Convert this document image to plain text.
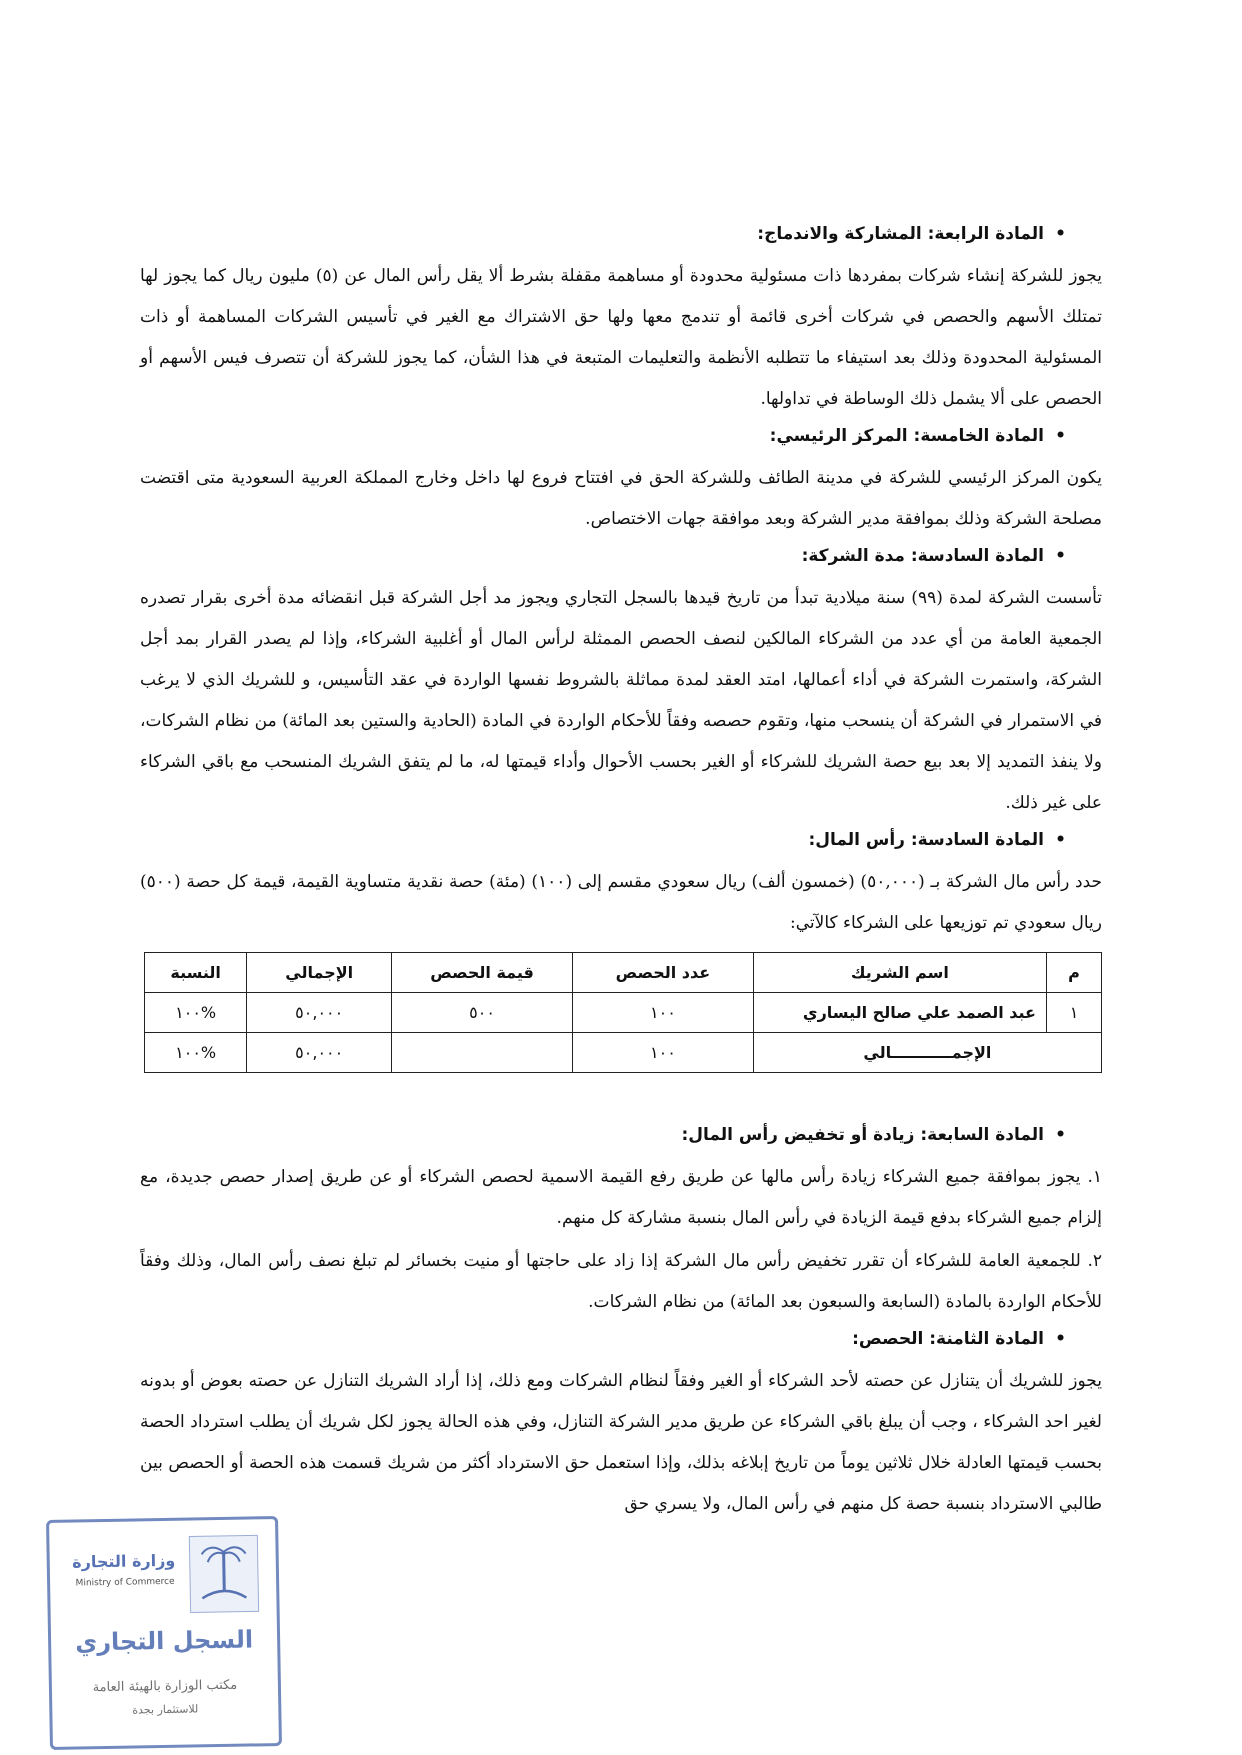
• المادة الرابعة: المشاركة والاندماج:

يجوز للشركة إنشاء شركات بمفردها ذات مسئولية محدودة أو مساهمة مقفلة بشرط ألا يقل رأس المال عن (٥) مليون ريال كما يجوز لها تمتلك الأسهم والحصص في شركات أخرى قائمة أو تندمج معها ولها حق الاشتراك مع الغير في تأسيس الشركات المساهمة أو ذات المسئولية المحدودة وذلك بعد استيفاء ما تتطلبه الأنظمة والتعليمات المتبعة في هذا الشأن، كما يجوز للشركة أن تتصرف فيس الأسهم أو الحصص على ألا يشمل ذلك الوساطة في تداولها.

• المادة الخامسة: المركز الرئيسي:

يكون المركز الرئيسي للشركة في مدينة الطائف وللشركة الحق في افتتاح فروع لها داخل وخارج المملكة العربية السعودية متى اقتضت مصلحة الشركة وذلك بموافقة مدير الشركة وبعد موافقة جهات الاختصاص.

• المادة السادسة: مدة الشركة:

تأسست الشركة لمدة (٩٩) سنة ميلادية تبدأ من تاريخ قيدها بالسجل التجاري ويجوز مد أجل الشركة قبل انقضائه مدة أخرى بقرار تصدره الجمعية العامة من أي عدد من الشركاء المالكين لنصف الحصص الممثلة لرأس المال أو أغلبية الشركاء، وإذا لم يصدر القرار بمد أجل الشركة، واستمرت الشركة في أداء أعمالها، امتد العقد لمدة مماثلة بالشروط نفسها الواردة في عقد التأسيس، و للشريك الذي لا يرغب في الاستمرار في الشركة أن ينسحب منها، وتقوم حصصه وفقاً للأحكام الواردة في المادة (الحادية والستين بعد المائة) من نظام الشركات، ولا ينفذ التمديد إلا بعد بيع حصة الشريك للشركاء أو الغير بحسب الأحوال وأداء قيمتها له، ما لم يتفق الشريك المنسحب مع باقي الشركاء على غير ذلك.

• المادة السادسة: رأس المال:

حدد رأس مال الشركة بـ (٥٠,٠٠٠) (خمسون ألف) ريال سعودي مقسم إلى (١٠٠) (مئة) حصة نقدية متساوية القيمة، قيمة كل حصة (٥٠٠) ريال سعودي تم توزيعها على الشركاء كالآتي:

م	اسم الشريك	عدد الحصص	قيمة الحصص	الإجمالي	النسبة
١	عبد الصمد علي صالح اليساري	١٠٠	٥٠٠	٥٠,٠٠٠	%١٠٠
الإجمـــــــــــالي		١٠٠		٥٠,٠٠٠	%١٠٠
• المادة السابعة: زيادة أو تخفيض رأس المال:

١. يجوز بموافقة جميع الشركاء زيادة رأس مالها عن طريق رفع القيمة الاسمية لحصص الشركاء أو عن طريق إصدار حصص جديدة، مع إلزام جميع الشركاء بدفع قيمة الزيادة في رأس المال بنسبة مشاركة كل منهم.

٢. للجمعية العامة للشركاء أن تقرر تخفيض رأس مال الشركة إذا زاد على حاجتها أو منيت بخسائر لم تبلغ نصف رأس المال، وذلك وفقاً للأحكام الواردة بالمادة (السابعة والسبعون بعد المائة) من نظام الشركات.

• المادة الثامنة: الحصص:

يجوز للشريك أن يتنازل عن حصته لأحد الشركاء أو الغير وفقاً لنظام الشركات ومع ذلك، إذا أراد الشريك التنازل عن حصته بعوض أو بدونه لغير احد الشركاء ، وجب أن يبلغ باقي الشركاء عن طريق مدير الشركة التنازل، وفي هذه الحالة يجوز لكل شريك أن يطلب استرداد الحصة بحسب قيمتها العادلة خلال ثلاثين يوماً من تاريخ إبلاغه بذلك، وإذا استعمل حق الاسترداد أكثر من شريك قسمت هذه الحصة أو الحصص بين طالبي الاسترداد بنسبة حصة كل منهم في رأس المال، ولا يسري حق

وزارة التجارة
Ministry of Commerce
السجل التجاري
مكتب الوزارة بالهيئة العامة
للاستثمار بجدة
